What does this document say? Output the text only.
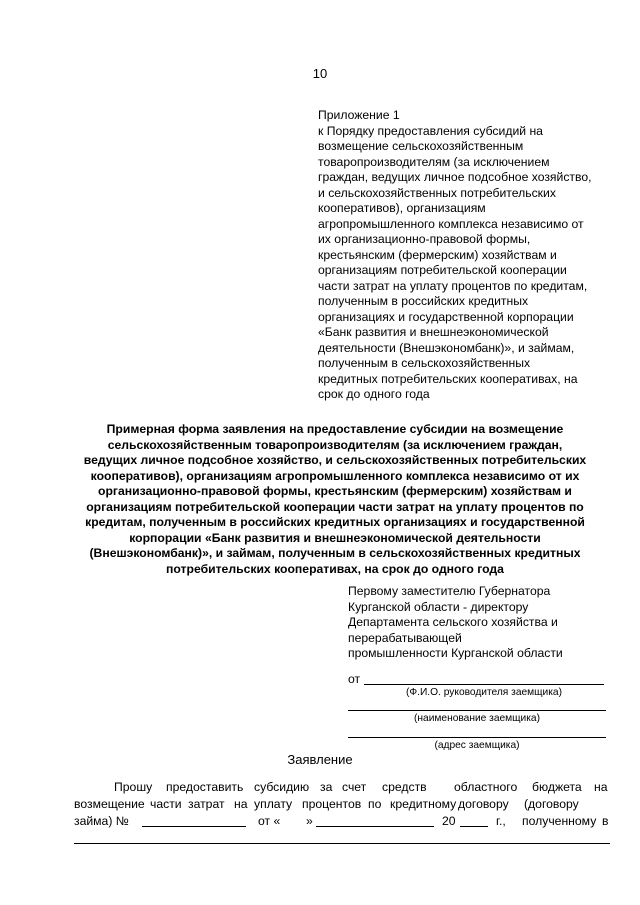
10
Приложение 1
к Порядку предоставления субсидий на
возмещение сельскохозяйственным
товаропроизводителям (за исключением
граждан, ведущих личное подсобное хозяйство,
и сельскохозяйственных потребительских
кооперативов), организациям
агропромышленного комплекса независимо от
их организационно-правовой формы,
крестьянским (фермерским) хозяйствам и
организациям потребительской кооперации
части затрат на уплату процентов по кредитам,
полученным в российских кредитных
организациях и государственной корпорации
«Банк развития и внешнеэкономической
деятельности (Внешэкономбанк)», и займам,
полученным в сельскохозяйственных
кредитных потребительских кооперативах, на
срок до одного года
Примерная форма заявления на предоставление субсидии на возмещение
сельскохозяйственным товаропроизводителям (за исключением граждан,
ведущих личное подсобное хозяйство, и сельскохозяйственных потребительских
кооперативов), организациям агропромышленного комплекса независимо от их
организационно-правовой формы, крестьянским (фермерским) хозяйствам и
организациям потребительской кооперации части затрат на уплату процентов по
кредитам, полученным в российских кредитных организациях и государственной
корпорации «Банк развития и внешнеэкономической деятельности
(Внешэкономбанк)», и займам, полученным в сельскохозяйственных кредитных
потребительских кооперативах, на срок до одного года
Первому заместителю Губернатора
Курганской области - директору
Департамента сельского хозяйства и
перерабатывающей
промышленности Курганской области
от
(Ф.И.О. руководителя заемщика)
(наименование заемщика)
(адрес заемщика)
Заявление
Прошу предоставить субсидию за счет средств областного бюджета на
возмещение части затрат на уплату процентов по кредитному договору (договору
займа) №	от « »	20	г., полученному в
